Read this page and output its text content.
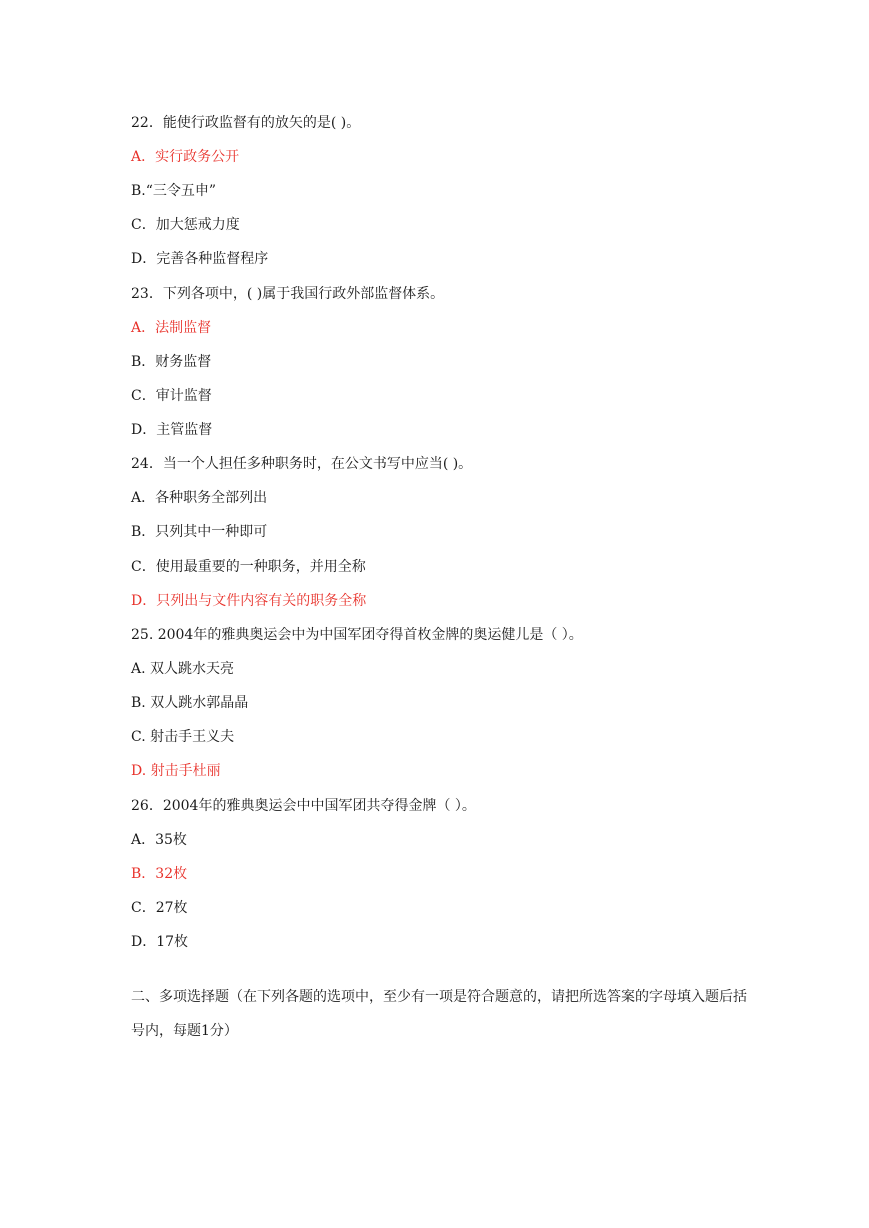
22．能使行政监督有的放矢的是( )。
A．实行政务公开
B.“三令五申”
C．加大惩戒力度
D．完善各种监督程序
23．下列各项中，( )属于我国行政外部监督体系。
A．法制监督
B．财务监督
C．审计监督
D．主管监督
24．当一个人担任多种职务时，在公文书写中应当( )。
A．各种职务全部列出
B．只列其中一种即可
C．使用最重要的一种职务，并用全称
D．只列出与文件内容有关的职务全称
25. 2004年的雅典奥运会中为中国军团夺得首枚金牌的奥运健儿是（ ）。
A. 双人跳水天亮
B. 双人跳水郭晶晶
C. 射击手王义夫
D. 射击手杜丽
26．2004年的雅典奥运会中中国军团共夺得金牌（ ）。
A．35枚
B．32枚
C．27枚
D．17枚
二、多项选择题（在下列各题的选项中，至少有一项是符合题意的，请把所选答案的字母填入题后括号内，每题1分）
